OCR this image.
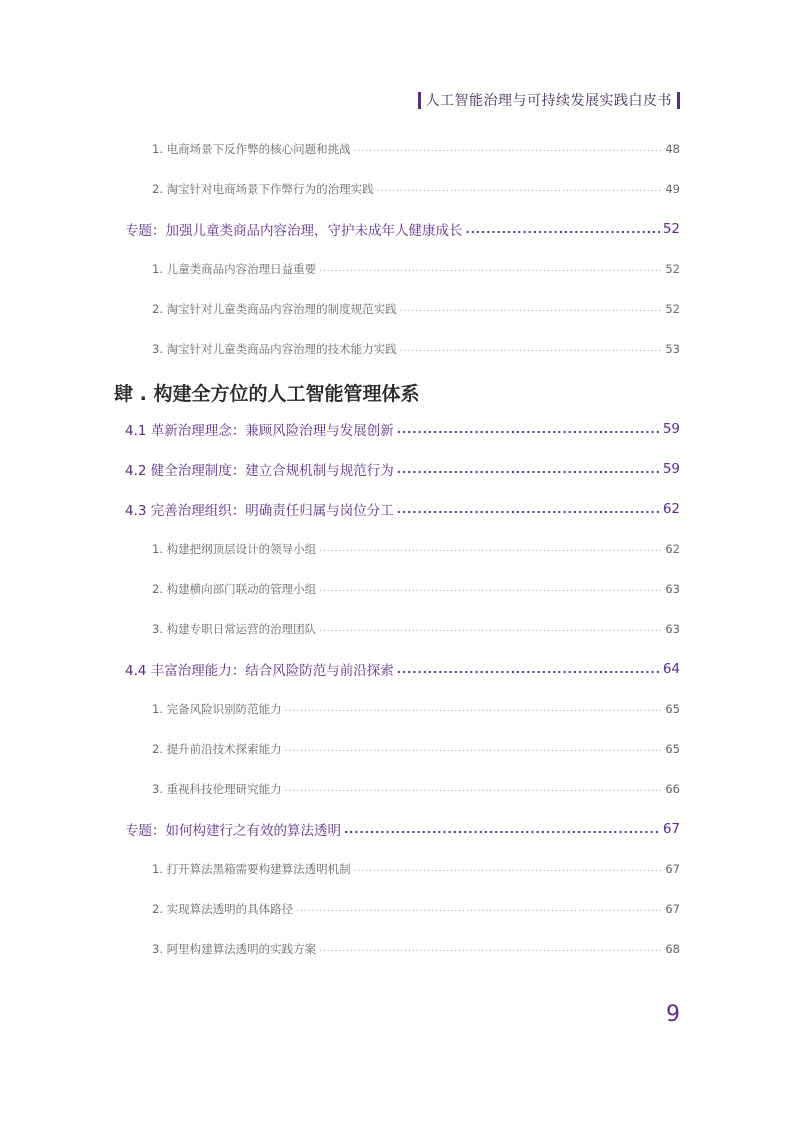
人工智能治理与可持续发展实践白皮书
1. 电商场景下反作弊的核心问题和挑战 .....	48
2. 淘宝针对电商场景下作弊行为的治理实践 .....	49
专题：加强儿童类商品内容治理，守护未成年人健康成长 .....	52
1. 儿童类商品内容治理日益重要 .....	52
2. 淘宝针对儿童类商品内容治理的制度规范实践 .....	52
3. 淘宝针对儿童类商品内容治理的技术能力实践 .....	53
肆 . 构建全方位的人工智能管理体系
4.1 革新治理理念：兼顾风险治理与发展创新 .....	59
4.2 健全治理制度：建立合规机制与规范行为 .....	59
4.3 完善治理组织：明确责任归属与岗位分工 .....	62
1. 构建把纲顶层设计的领导小组 .....	62
2. 构建横向部门联动的管理小组 .....	63
3. 构建专职日常运营的治理团队 .....	63
4.4 丰富治理能力：结合风险防范与前沿探索 .....	64
1. 完备风险识别防范能力 .....	65
2. 提升前沿技术探索能力 .....	65
3. 重视科技伦理研究能力 .....	66
专题：如何构建行之有效的算法透明 .....	67
1. 打开算法黑箱需要构建算法透明机制 .....	67
2. 实现算法透明的具体路径 .....	67
3. 阿里构建算法透明的实践方案 .....	68
9
